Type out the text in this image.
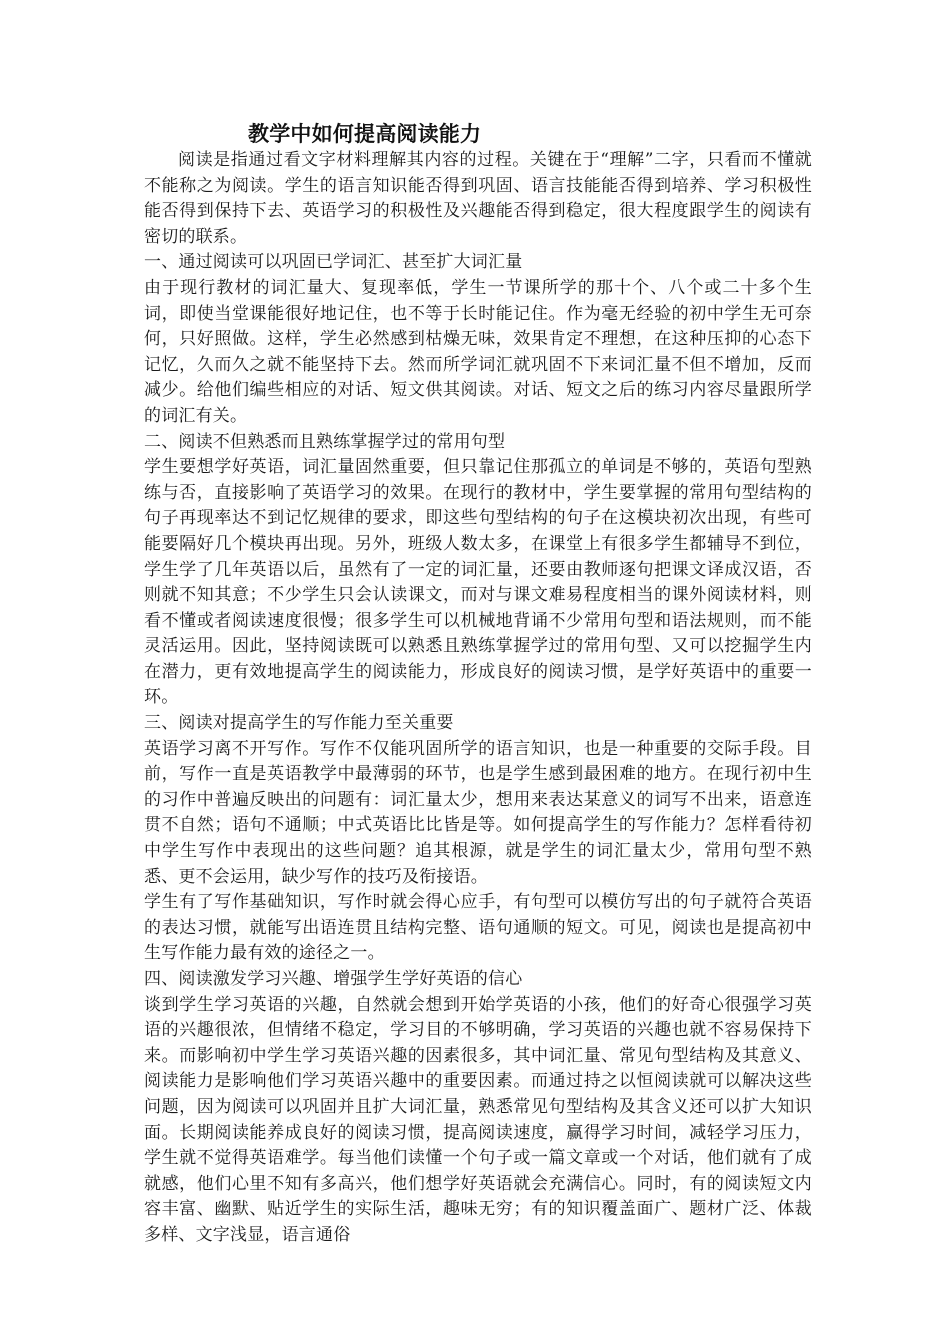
教学中如何提高阅读能力

阅读是指通过看文字材料理解其内容的过程。关键在于“理解”二字，只看而不懂就不能称之为阅读。学生的语言知识能否得到巩固、语言技能能否得到培养、学习积极性能否得到保持下去、英语学习的积极性及兴趣能否得到稳定，很大程度跟学生的阅读有密切的联系。

一、通过阅读可以巩固已学词汇、甚至扩大词汇量

由于现行教材的词汇量大、复现率低，学生一节课所学的那十个、八个或二十多个生词，即使当堂课能很好地记住，也不等于长时能记住。作为毫无经验的初中学生无可奈何，只好照做。这样，学生必然感到枯燥无味，效果肯定不理想，在这种压抑的心态下记忆，久而久之就不能坚持下去。然而所学词汇就巩固不下来词汇量不但不增加，反而减少。给他们编些相应的对话、短文供其阅读。对话、短文之后的练习内容尽量跟所学的词汇有关。

二、阅读不但熟悉而且熟练掌握学过的常用句型

学生要想学好英语，词汇量固然重要，但只靠记住那孤立的单词是不够的，英语句型熟练与否，直接影响了英语学习的效果。在现行的教材中，学生要掌握的常用句型结构的句子再现率达不到记忆规律的要求，即这些句型结构的句子在这模块初次出现，有些可能要隔好几个模块再出现。另外，班级人数太多，在课堂上有很多学生都辅导不到位，学生学了几年英语以后，虽然有了一定的词汇量，还要由教师逐句把课文译成汉语，否则就不知其意；不少学生只会认读课文，而对与课文难易程度相当的课外阅读材料，则看不懂或者阅读速度很慢；很多学生可以机械地背诵不少常用句型和语法规则，而不能灵活运用。因此，坚持阅读既可以熟悉且熟练掌握学过的常用句型、又可以挖掘学生内在潜力，更有效地提高学生的阅读能力，形成良好的阅读习惯，是学好英语中的重要一环。

三、阅读对提高学生的写作能力至关重要

英语学习离不开写作。写作不仅能巩固所学的语言知识，也是一种重要的交际手段。目前，写作一直是英语教学中最薄弱的环节，也是学生感到最困难的地方。在现行初中生的习作中普遍反映出的问题有：词汇量太少，想用来表达某意义的词写不出来，语意连贯不自然；语句不通顺；中式英语比比皆是等。如何提高学生的写作能力？怎样看待初中学生写作中表现出的这些问题？追其根源，就是学生的词汇量太少，常用句型不熟悉、更不会运用，缺少写作的技巧及衔接语。

学生有了写作基础知识，写作时就会得心应手，有句型可以模仿写出的句子就符合英语的表达习惯，就能写出语连贯且结构完整、语句通顺的短文。可见，阅读也是提高初中生写作能力最有效的途径之一。

四、阅读激发学习兴趣、增强学生学好英语的信心

谈到学生学习英语的兴趣，自然就会想到开始学英语的小孩，他们的好奇心很强学习英语的兴趣很浓，但情绪不稳定，学习目的不够明确，学习英语的兴趣也就不容易保持下来。而影响初中学生学习英语兴趣的因素很多，其中词汇量、常见句型结构及其意义、阅读能力是影响他们学习英语兴趣中的重要因素。而通过持之以恒阅读就可以解决这些问题，因为阅读可以巩固并且扩大词汇量，熟悉常见句型结构及其含义还可以扩大知识面。长期阅读能养成良好的阅读习惯，提高阅读速度，赢得学习时间，减轻学习压力，学生就不觉得英语难学。每当他们读懂一个句子或一篇文章或一个对话，他们就有了成就感，他们心里不知有多高兴，他们想学好英语就会充满信心。同时，有的阅读短文内容丰富、幽默、贴近学生的实际生活，趣味无穷；有的知识覆盖面广、题材广泛、体裁多样、文字浅显，语言通俗
